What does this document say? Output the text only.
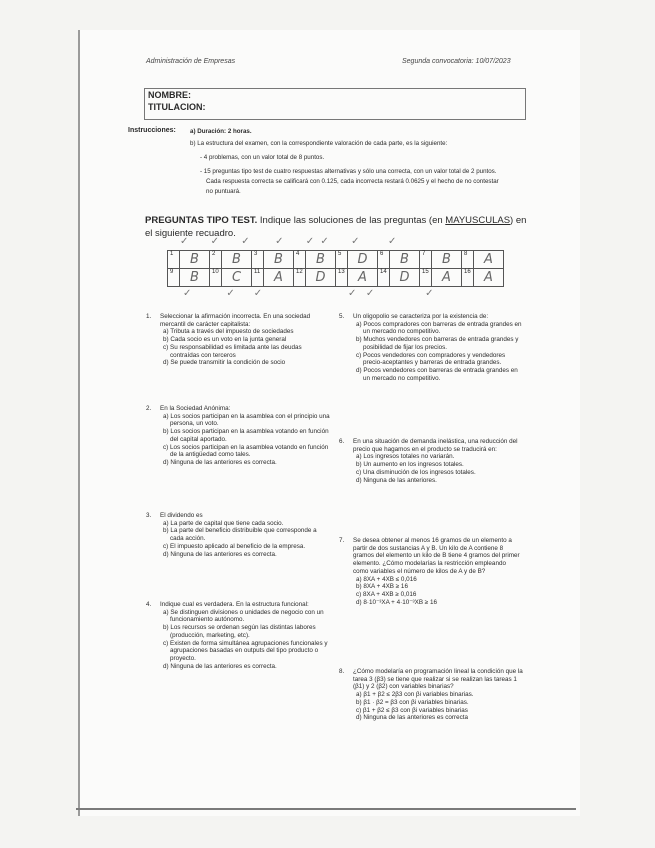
Administración de Empresas	Segunda convocatoria: 10/07/2023
NOMBRE:
TITULACION:
Instrucciones: a) Duración: 2 horas.
b) La estructura del examen, con la correspondiente valoración de cada parte, es la siguiente:
- 4 problemas, con un valor total de 8 puntos.
- 15 preguntas tipo test de cuatro respuestas alternativas y sólo una correcta, con un valor total de 2 puntos.
Cada respuesta correcta se calificará con 0.125, cada incorrecta restará 0.0625 y el hecho de no contestar
no puntuará.
PREGUNTAS TIPO TEST. Indique las soluciones de las preguntas (en MAYUSCULAS) en el siguiente recuadro.
✓       ✓       ✓        ✓       ✓  ✓       ✓         ✓
1	B	2	B	3	B	4	B	5	D	6	B	7	B	8	A
9	B	10	C	11	A	12	D	13	A	14	D	15	A	16	A
✓           ✓      ✓                           ✓   ✓                ✓
1. Seleccionar la afirmación incorrecta. En una sociedad mercantil de carácter capitalista:
a) Tributa a través del impuesto de sociedades
b) Cada socio es un voto en la junta general
c) Su responsabilidad es limitada ante las deudas contraídas con terceros
d) Se puede transmitir la condición de socio
2. En la Sociedad Anónima:
a) Los socios participan en la asamblea con el principio una persona, un voto.
b) Los socios participan en la asamblea votando en función del capital aportado.
c) Los socios participan en la asamblea votando en función de la antigüedad como tales.
d) Ninguna de las anteriores es correcta.
3. El dividendo es
a) La parte de capital que tiene cada socio.
b) La parte del beneficio distribuible que corresponde a cada acción.
c) El impuesto aplicado al beneficio de la empresa.
d) Ninguna de las anteriores es correcta.
4. Indique cual es verdadera. En la estructura funcional:
a) Se distinguen divisiones o unidades de negocio con un funcionamiento autónomo.
b) Los recursos se ordenan según las distintas labores (producción, marketing, etc).
c) Existen de forma simultánea agrupaciones funcionales y agrupaciones basadas en outputs del tipo producto o proyecto.
d) Ninguna de las anteriores es correcta.
5. Un oligopolio se caracteriza por la existencia de:
a) Pocos compradores con barreras de entrada grandes en un mercado no competitivo.
b) Muchos vendedores con barreras de entrada grandes y posibilidad de fijar los precios.
c) Pocos vendedores con compradores y vendedores precio-aceptantes y barreras de entrada grandes.
d) Pocos vendedores con barreras de entrada grandes en un mercado no competitivo.
6. En una situación de demanda inelástica, una reducción del precio que hagamos en el producto se traducirá en:
a) Los ingresos totales no variarán.
b) Un aumento en los ingresos totales.
c) Una disminución de los ingresos totales.
d) Ninguna de las anteriores.
7. Se desea obtener al menos 16 gramos de un elemento a partir de dos sustancias A y B. Un kilo de A contiene 8 gramos del elemento un kilo de B tiene 4 gramos del primer elemento. ¿Cómo modelarías la restricción empleando como variables el número de kilos de A y de B?
a) 8XA + 4XB ≤ 0,016
b) 8XA + 4XB ≥ 16
c) 8XA + 4XB ≥ 0,016
d) 8·10⁻³XA + 4·10⁻³XB ≥ 16
8. ¿Cómo modelaría en programación lineal la condición que la tarea 3 (β3) se tiene que realizar si se realizan las tareas 1 (β1) y 2 (β2) con variables binarias?
a) β1 + β2 ≤ 2β3 con βi variables binarias.
b) β1 · β2 = β3 con βi variables binarias.
c) β1 + β2 ≤ β3 con βi variables binarias
d) Ninguna de las anteriores es correcta
